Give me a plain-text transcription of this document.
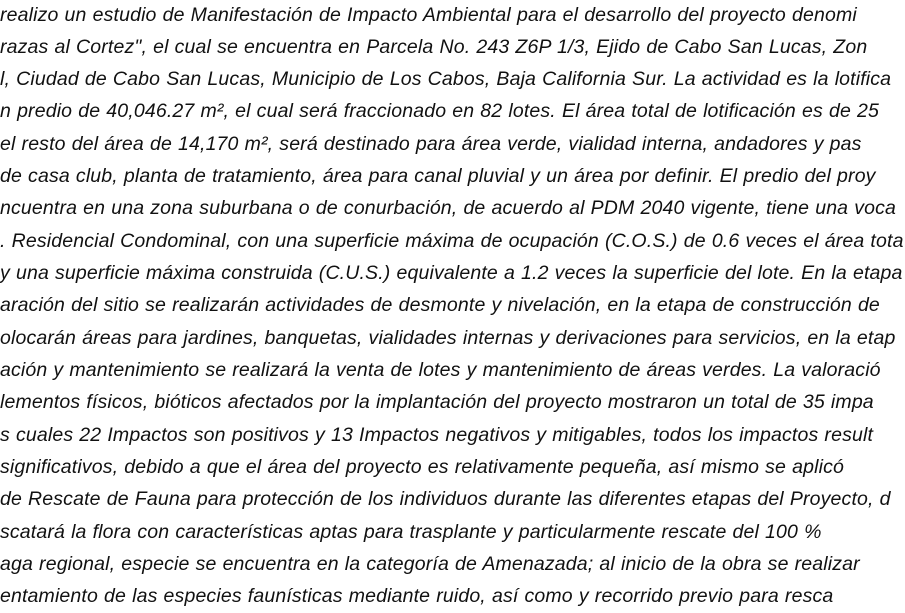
realizo un estudio de Manifestación de Impacto Ambiental para el desarrollo del proyecto denomi
razas al Cortez", el cual se encuentra en Parcela No. 243 Z6P 1/3, Ejido de Cabo San Lucas, Zon
l, Ciudad de Cabo San Lucas, Municipio de Los Cabos, Baja California Sur. La actividad es la lotifica
n predio de 40,046.27 m², el cual será fraccionado en 82 lotes. El área total de lotificación es de 25
el resto del área de 14,170 m², será destinado para área verde, vialidad interna, andadores y pas
de casa club, planta de tratamiento, área para canal pluvial y un área por definir. El predio del proy
ncuentra en una zona suburbana o de conurbación, de acuerdo al PDM 2040 vigente, tiene una voca
. Residencial Condominal, con una superficie máxima de ocupación (C.O.S.) de 0.6 veces el área tota
y una superficie máxima construida (C.U.S.) equivalente a 1.2 veces la superficie del lote. En la etapa
aración del sitio se realizarán actividades de desmonte y nivelación, en la etapa de construcción de
olocarán áreas para jardines, banquetas, vialidades internas y derivaciones para servicios, en la etap
ación y mantenimiento se realizará la venta de lotes y mantenimiento de áreas verdes. La valoració
lementos físicos, bióticos afectados por la implantación del proyecto mostraron un total de 35 impa
s cuales 22 Impactos son positivos y 13 Impactos negativos y mitigables, todos los impactos result
significativos, debido a que el área del proyecto es relativamente pequeña, así mismo se aplicó
de Rescate de Fauna para protección de los individuos durante las diferentes etapas del Proyecto, d
scatará la flora con características aptas para trasplante y particularmente rescate del 100 %
aga regional, especie se encuentra en la categoría de Amenazada; al inicio de la obra se realizar
entamiento de las especies faunísticas mediante ruido, así como y recorrido previo para resca
